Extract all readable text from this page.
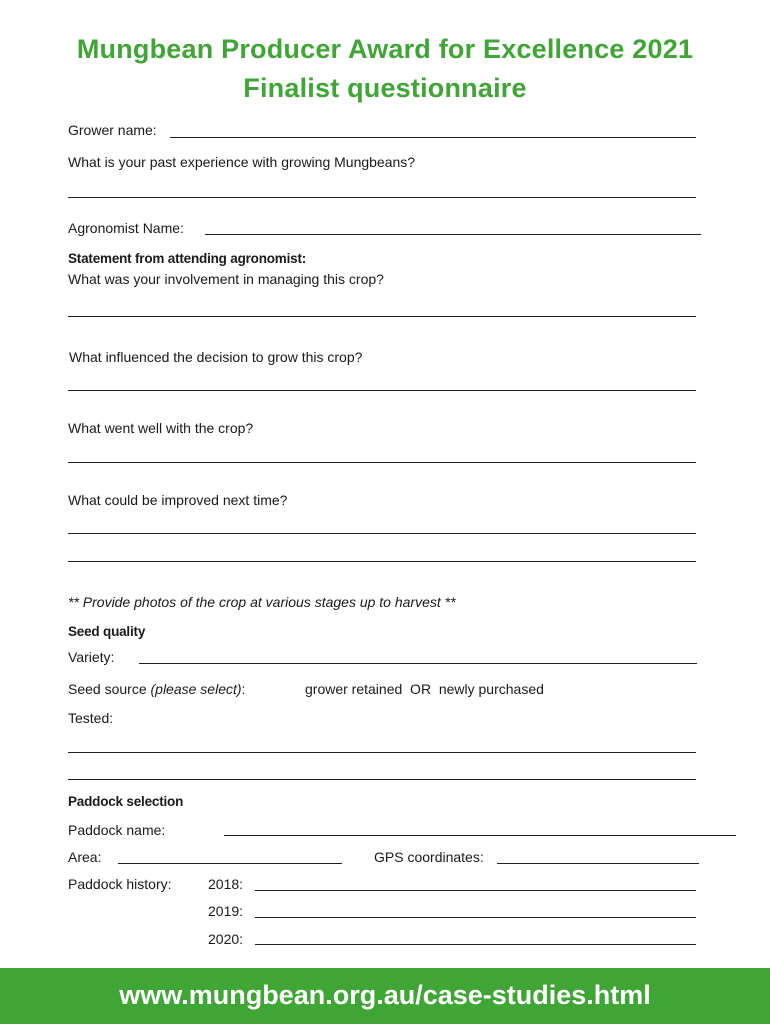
Mungbean Producer Award for Excellence 2021
Finalist questionnaire
Grower name:
What is your past experience with growing Mungbeans?
Agronomist Name:
Statement from attending agronomist:
What was your involvement in managing this crop?
What influenced the decision to grow this crop?
What went well with the crop?
What could be improved next time?
** Provide photos of the crop at various stages up to harvest **
Seed quality
Variety:
Seed source (please select):	grower retained  OR  newly purchased
Tested:
Paddock selection
Paddock name:
Area:	GPS coordinates:
Paddock history:	2018:
2019:
2020:
www.mungbean.org.au/case-studies.html
